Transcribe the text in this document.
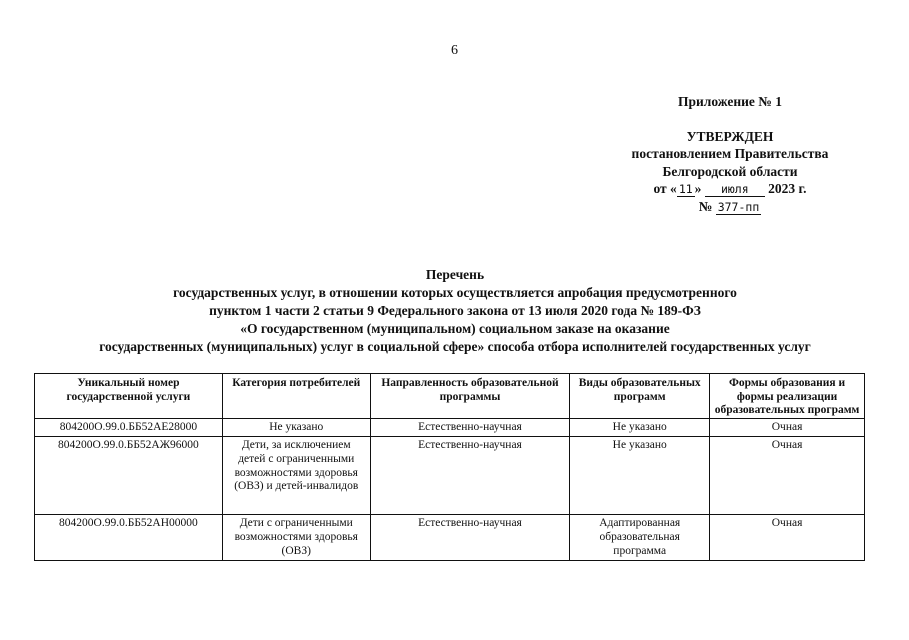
6
Приложение № 1
УТВЕРЖДЕН
постановлением Правительства
Белгородской области
от « 11 » июля 2023 г.
№ 377-пп
Перечень
государственных услуг, в отношении которых осуществляется апробация предусмотренного
пунктом 1 части 2 статьи 9 Федерального закона от 13 июля 2020 года № 189-ФЗ
«О государственном (муниципальном) социальном заказе на оказание
государственных (муниципальных) услуг в социальной сфере» способа отбора исполнителей государственных услуг
Уникальный номер государственной услуги	Категория потребителей	Направленность образовательной программы	Виды образовательных программ	Формы образования и формы реализации образовательных программ
804200О.99.0.ББ52АЕ28000	Не указано	Естественно-научная	Не указано	Очная
804200О.99.0.ББ52АЖ96000	Дети, за исключением детей с ограниченными возможностями здоровья (ОВЗ) и детей-инвалидов	Естественно-научная	Не указано	Очная
804200О.99.0.ББ52АН00000	Дети с ограниченными возможностями здоровья (ОВЗ)	Естественно-научная	Адаптированная образовательная программа	Очная
